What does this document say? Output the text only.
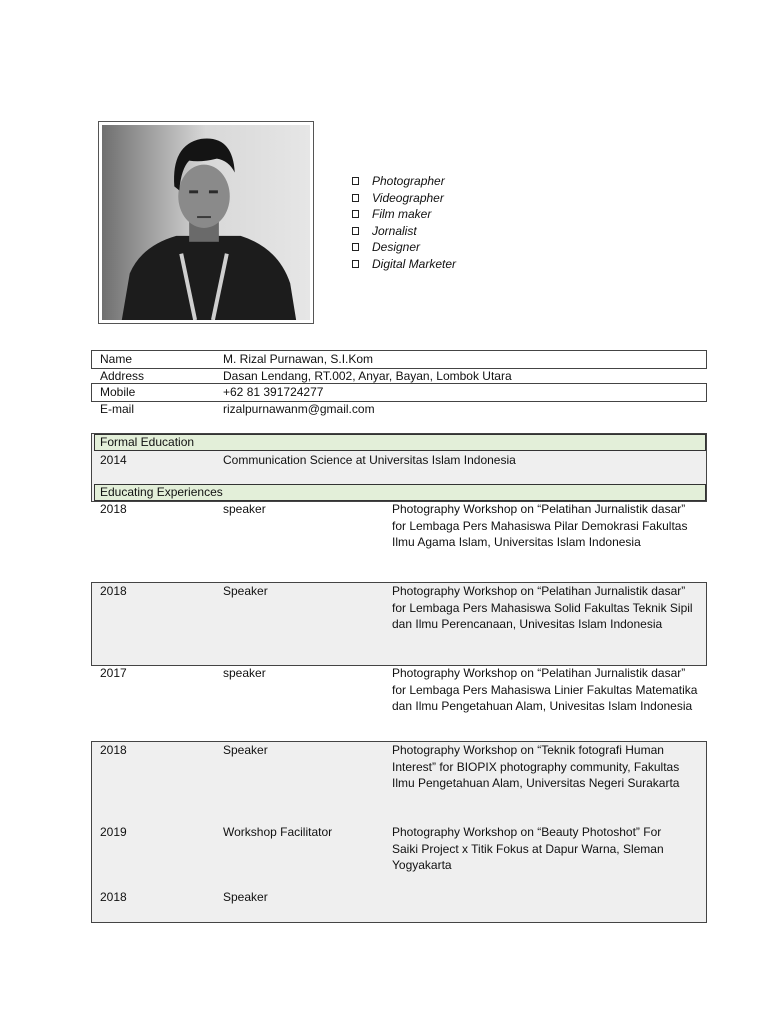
Photographer
Videographer
Film maker
Jornalist
Designer
Digital Marketer
Name	M. Rizal Purnawan, S.I.Kom
Address	Dasan Lendang, RT.002, Anyar, Bayan, Lombok Utara
Mobile	+62 81 391724277
E-mail	rizalpurnawanm@gmail.com
Formal Education
2014	Communication Science at Universitas Islam Indonesia
Educating Experiences
2018	speaker	Photography Workshop on “Pelatihan Jurnalistik dasar” for Lembaga Pers Mahasiswa Pilar Demokrasi Fakultas Ilmu Agama Islam, Universitas Islam Indonesia
2018	Speaker	Photography Workshop on “Pelatihan Jurnalistik dasar” for Lembaga Pers Mahasiswa Solid Fakultas Teknik Sipil dan Ilmu Perencanaan, Univesitas Islam Indonesia
2017	speaker	Photography Workshop on “Pelatihan Jurnalistik dasar” for Lembaga Pers Mahasiswa Linier Fakultas Matematika dan Ilmu Pengetahuan Alam, Univesitas Islam Indonesia
2018	Speaker	Photography Workshop on “Teknik fotografi Human Interest” for BIOPIX photography community, Fakultas Ilmu Pengetahuan Alam, Universitas Negeri Surakarta
2019	Workshop Facilitator	Photography Workshop on “Beauty Photoshot” For Saiki Project x Titik Fokus at Dapur Warna, Sleman Yogyakarta
2018	Speaker
